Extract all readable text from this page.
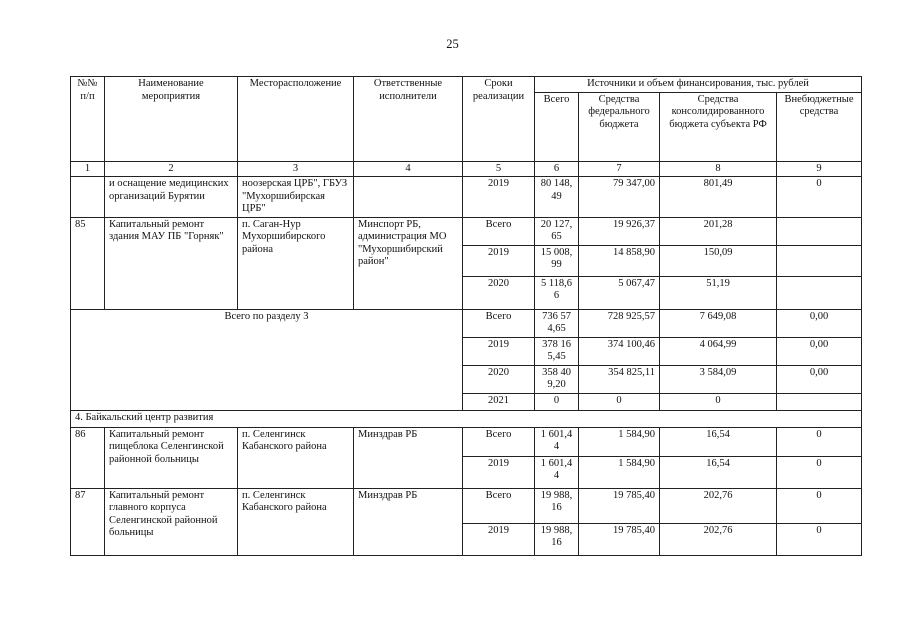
25
№№ п/п	Наименование мероприятия	Месторасположение	Ответственные исполнители	Сроки реализации	Источники и объем финансирования, тыс. рублей			
					Всего	Средства федерального бюджета	Средства консолидированного бюджета субъекта РФ	Внебюджетные средства
1	2	3	4	5	6	7	8	9
	и оснащение медицинских организаций Бурятии	ноозерская ЦРБ", ГБУЗ "Мухоршибирская ЦРБ"		2019	80 148,49	79 347,00	801,49	0
85	Капитальный ремонт здания МАУ ПБ "Горняк"	п. Саган-Нур Мухоршибирского района	Минспорт РБ, администрация МО "Мухоршибирский район"	Всего	20 127,65	19 926,37	201,28	
				2019	15 008,99	14 858,90	150,09	
				2020	5 118,66	5 067,47	51,19	
Всего по разделу 3				Всего	736 574,65	728 925,57	7 649,08	0,00
				2019	378 165,45	374 100,46	4 064,99	0,00
				2020	358 409,20	354 825,11	3 584,09	0,00
				2021	0	0	0	
4. Байкальский центр развития								
86	Капитальный ремонт пищеблока Селенгинской районной больницы	п. Селенгинск Кабанского района	Минздрав РБ	Всего	1 601,44	1 584,90	16,54	0
				2019	1 601,44	1 584,90	16,54	0
87	Капитальный ремонт главного корпуса Селенгинской районной больницы	п. Селенгинск Кабанского района	Минздрав РБ	Всего	19 988,16	19 785,40	202,76	0
				2019	19 988,16	19 785,40	202,76	0
